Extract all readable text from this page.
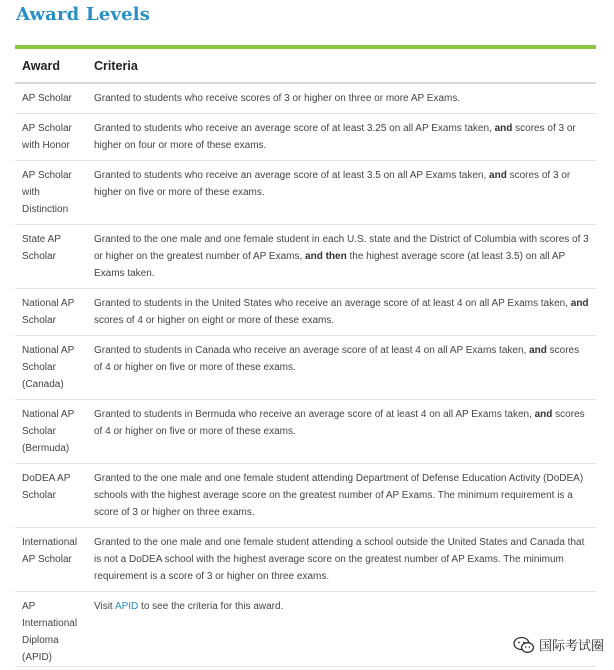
Award Levels
Award	Criteria
AP Scholar	Granted to students who receive scores of 3 or higher on three or more AP Exams.
AP Scholar with Honor	Granted to students who receive an average score of at least 3.25 on all AP Exams taken, and scores of 3 or higher on four or more of these exams.
AP Scholar with Distinction	Granted to students who receive an average score of at least 3.5 on all AP Exams taken, and scores of 3 or higher on five or more of these exams.
State AP Scholar	Granted to the one male and one female student in each U.S. state and the District of Columbia with scores of 3 or higher on the greatest number of AP Exams, and then the highest average score (at least 3.5) on all AP Exams taken.
National AP Scholar	Granted to students in the United States who receive an average score of at least 4 on all AP Exams taken, and scores of 4 or higher on eight or more of these exams.
National AP Scholar (Canada)	Granted to students in Canada who receive an average score of at least 4 on all AP Exams taken, and scores of 4 or higher on five or more of these exams.
National AP Scholar (Bermuda)	Granted to students in Bermuda who receive an average score of at least 4 on all AP Exams taken, and scores of 4 or higher on five or more of these exams.
DoDEA AP Scholar	Granted to the one male and one female student attending Department of Defense Education Activity (DoDEA) schools with the highest average score on the greatest number of AP Exams. The minimum requirement is a score of 3 or higher on three exams.
International AP Scholar	Granted to the one male and one female student attending a school outside the United States and Canada that is not a DoDEA school with the highest average score on the greatest number of AP Exams. The minimum requirement is a score of 3 or higher on three exams.
AP International Diploma (APID)	Visit APID to see the criteria for this award.
国际考试圈
